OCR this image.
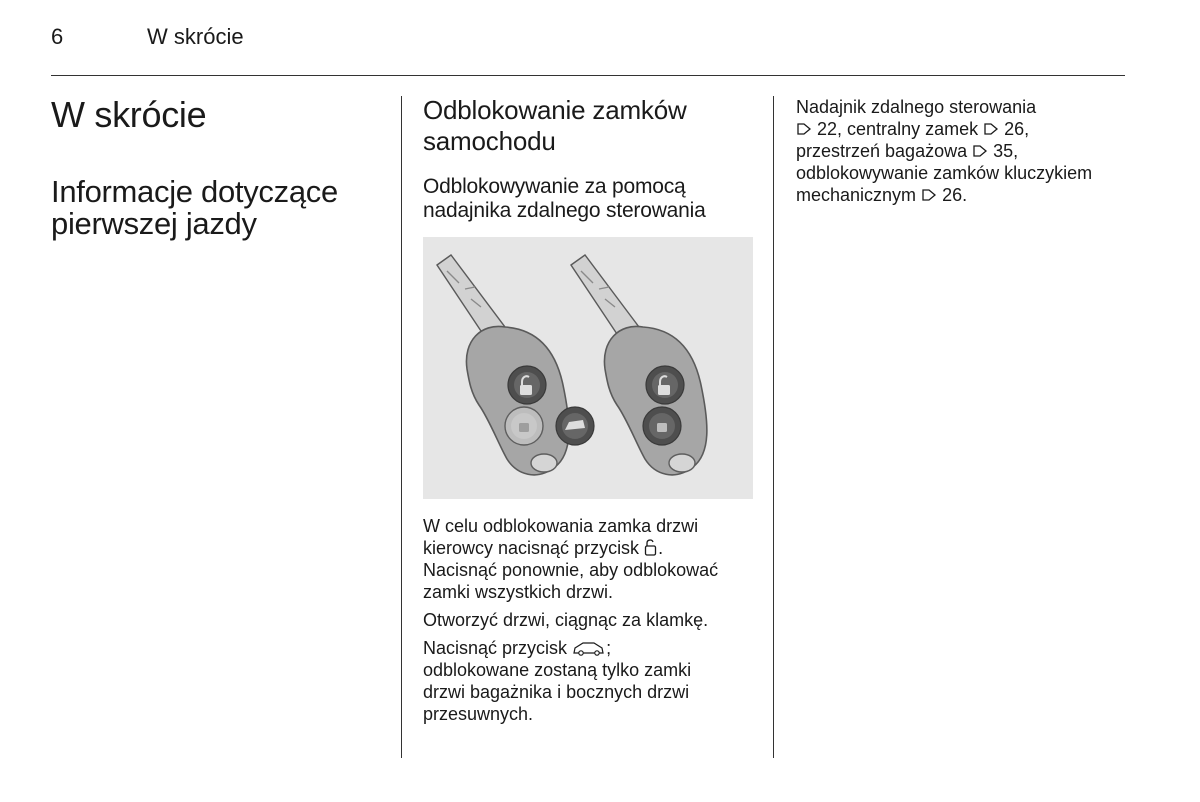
6	W skrócie
W skrócie
Informacje dotyczące
pierwszej jazdy
Odblokowanie zamków
samochodu
Odblokowywanie za pomocą
nadajnika zdalnego sterowania

W celu odblokowania zamka drzwi
kierowcy nacisnąć przycisk .
Nacisnąć ponownie, aby odblokować
zamki wszystkich drzwi.

Otworzyć drzwi, ciągnąc za klamkę.

Nacisnąć przycisk ;
odblokowane zostaną tylko zamki
drzwi bagażnika i bocznych drzwi
przesuwnych.

Nadajnik zdalnego sterowania
22, centralny zamek 26,
przestrzeń bagażowa 35,
odblokowywanie zamków kluczykiem
mechanicznym 26.
